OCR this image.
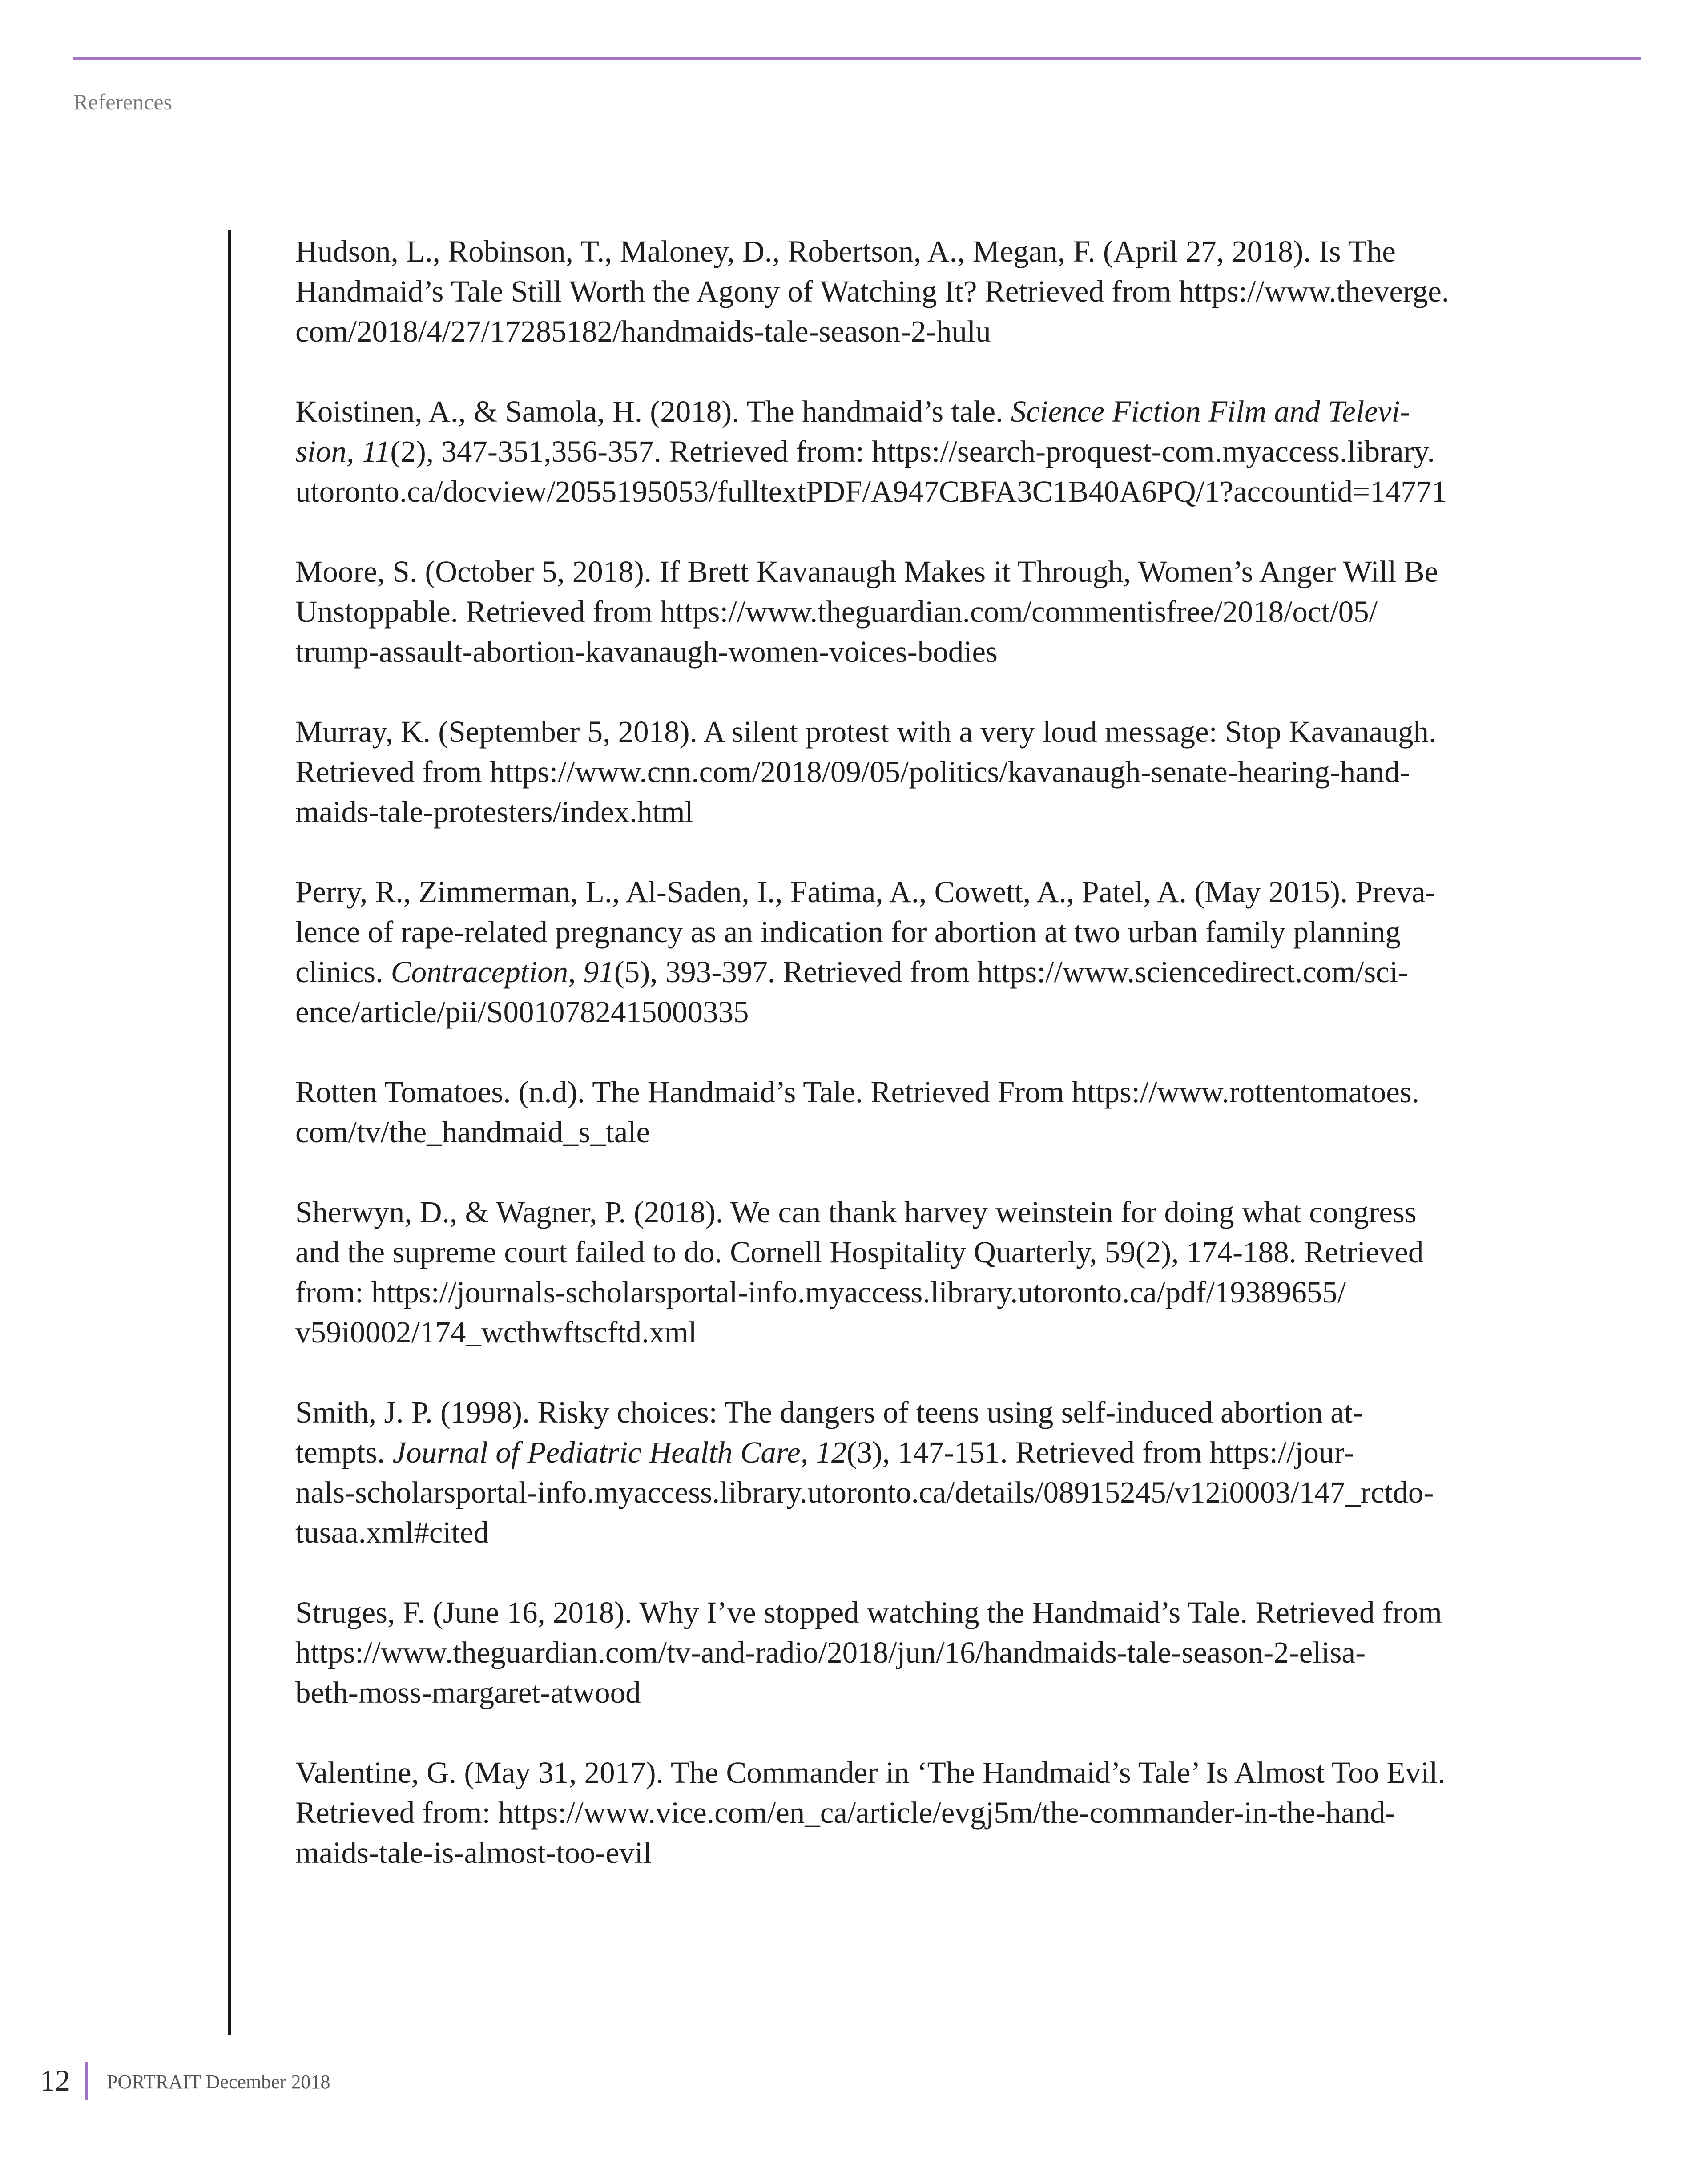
References
Hudson, L., Robinson, T., Maloney, D., Robertson, A., Megan, F. (April 27, 2018). Is The
Handmaid’s Tale Still Worth the Agony of Watching It? Retrieved from https://www.theverge.
com/2018/4/27/17285182/handmaids-tale-season-2-hulu
Koistinen, A., & Samola, H. (2018). The handmaid’s tale. Science Fiction Film and Televi-
sion, 11(2), 347-351,356-357. Retrieved from: https://search-proquest-com.myaccess.library.
utoronto.ca/docview/2055195053/fulltextPDF/A947CBFA3C1B40A6PQ/1?accountid=14771
Moore, S. (October 5, 2018). If Brett Kavanaugh Makes it Through, Women’s Anger Will Be
Unstoppable. Retrieved from https://www.theguardian.com/commentisfree/2018/oct/05/
trump-assault-abortion-kavanaugh-women-voices-bodies
Murray, K. (September 5, 2018). A silent protest with a very loud message: Stop Kavanaugh.
Retrieved from https://www.cnn.com/2018/09/05/politics/kavanaugh-senate-hearing-hand-
maids-tale-protesters/index.html
Perry, R., Zimmerman, L., Al-Saden, I., Fatima, A., Cowett, A., Patel, A. (May 2015). Preva-
lence of rape-related pregnancy as an indication for abortion at two urban family planning
clinics. Contraception, 91(5), 393-397. Retrieved from https://www.sciencedirect.com/sci-
ence/article/pii/S0010782415000335
Rotten Tomatoes. (n.d). The Handmaid’s Tale. Retrieved From https://www.rottentomatoes.
com/tv/the_handmaid_s_tale
Sherwyn, D., & Wagner, P. (2018). We can thank harvey weinstein for doing what congress
and the supreme court failed to do. Cornell Hospitality Quarterly, 59(2), 174-188. Retrieved
from: https://journals-scholarsportal-info.myaccess.library.utoronto.ca/pdf/19389655/
v59i0002/174_wcthwftscftd.xml
Smith, J. P. (1998). Risky choices: The dangers of teens using self-induced abortion at-
tempts. Journal of Pediatric Health Care, 12(3), 147-151. Retrieved from https://jour-
nals-scholarsportal-info.myaccess.library.utoronto.ca/details/08915245/v12i0003/147_rctdo-
tusaa.xml#cited
Struges, F. (June 16, 2018). Why I’ve stopped watching the Handmaid’s Tale. Retrieved from
https://www.theguardian.com/tv-and-radio/2018/jun/16/handmaids-tale-season-2-elisa-
beth-moss-margaret-atwood
Valentine, G. (May 31, 2017). The Commander in ‘The Handmaid’s Tale’ Is Almost Too Evil.
Retrieved from: https://www.vice.com/en_ca/article/evgj5m/the-commander-in-the-hand-
maids-tale-is-almost-too-evil
12 PORTRAIT December 2018
